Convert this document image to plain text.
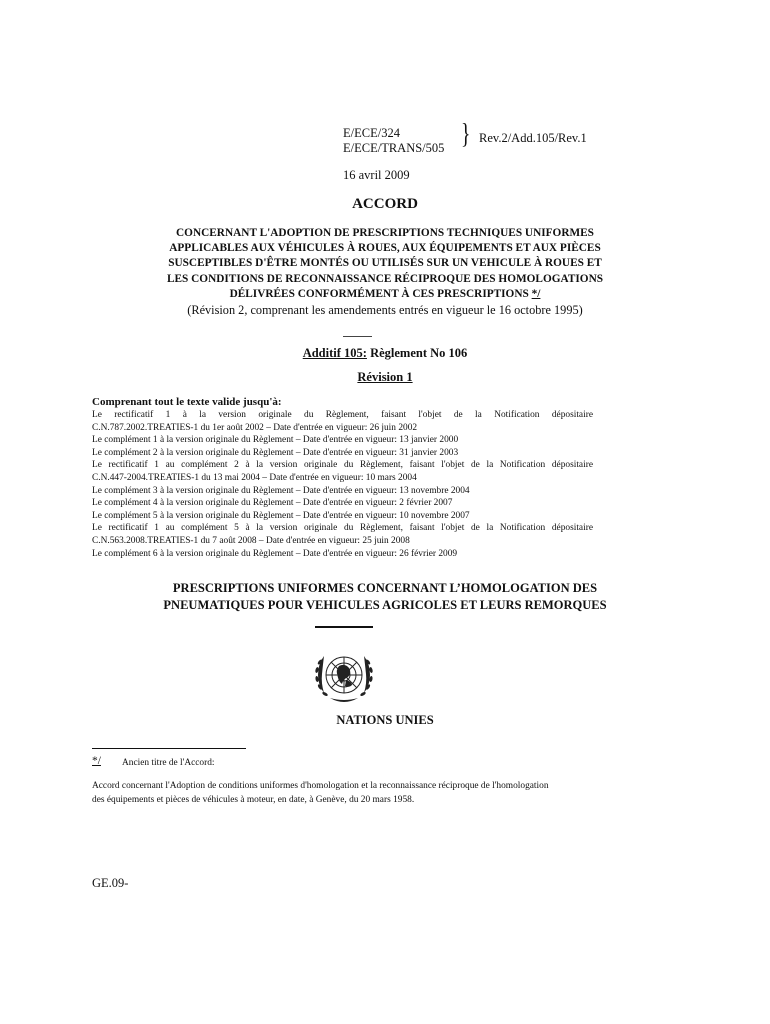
E/ECE/324
E/ECE/TRANS/505 } Rev.2/Add.105/Rev.1
16 avril 2009
ACCORD

CONCERNANT L'ADOPTION DE PRESCRIPTIONS TECHNIQUES UNIFORMES

APPLICABLES AUX VÉHICULES À ROUES, AUX ÉQUIPEMENTS ET AUX PIÈCES

SUSCEPTIBLES D'ÊTRE MONTÉS OU UTILISÉS SUR UN VEHICULE À ROUES ET

LES CONDITIONS DE RECONNAISSANCE RÉCIPROQUE DES HOMOLOGATIONS

DÉLIVRÉES CONFORMÉMENT À CES PRESCRIPTIONS */

(Révision 2, comprenant les amendements entrés en vigueur le 16 octobre 1995)
Additif 105: Règlement No 106
Révision 1
Comprenant tout le texte valide jusqu'à:
Le rectificatif 1 à la version originale du Règlement, faisant l'objet de la Notification dépositaire
C.N.787.2002.TREATIES-1 du 1er août 2002 – Date d'entrée en vigueur: 26 juin 2002
Le complément 1 à la version originale du Règlement – Date d'entrée en vigueur: 13 janvier 2000
Le complément 2 à la version originale du Règlement – Date d'entrée en vigueur: 31 janvier 2003
Le rectificatif 1 au complément 2 à la version originale du Règlement, faisant l'objet de la Notification dépositaire
C.N.447-2004.TREATIES-1 du 13 mai 2004 – Date d'entrée en vigueur: 10 mars 2004
Le complément 3 à la version originale du Règlement – Date d'entrée en vigueur: 13 novembre 2004
Le complément 4 à la version originale du Règlement – Date d'entrée en vigueur: 2 février 2007
Le complément 5 à la version originale du Règlement – Date d'entrée en vigueur: 10 novembre 2007
Le rectificatif 1 au complément 5 à la version originale du Règlement, faisant l'objet de la Notification dépositaire
C.N.563.2008.TREATIES-1 du 7 août 2008 – Date d'entrée en vigueur: 25 juin 2008
Le complément 6 à la version originale du Règlement – Date d'entrée en vigueur: 26 février 2009

PRESCRIPTIONS UNIFORMES CONCERNANT L’HOMOLOGATION DES

PNEUMATIQUES POUR VEHICULES AGRICOLES ET LEURS REMORQUES

NATIONS UNIES
*/ Ancien titre de l'Accord:

Accord concernant l'Adoption de conditions uniformes d'homologation et la reconnaissance réciproque de l'homologation

des équipements et pièces de véhicules à moteur, en date, à Genève, du 20 mars 1958.

GE.09-
